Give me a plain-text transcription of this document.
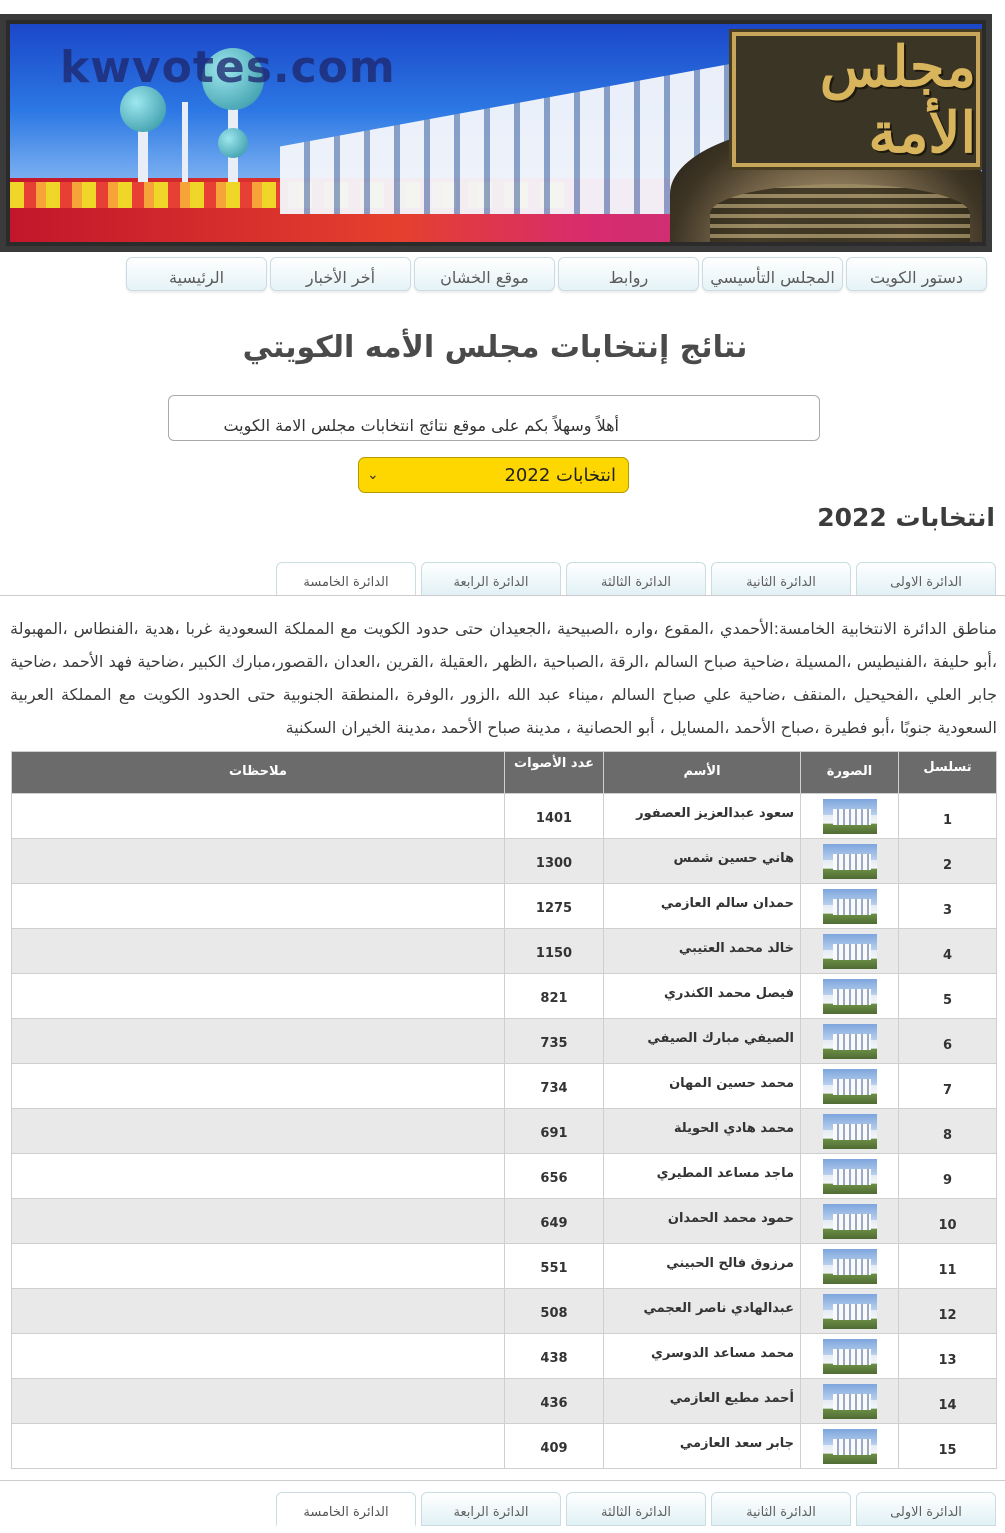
kwvotes.com	مجلس الأمة
دستور الكويت
المجلس التأسيسي
روابط
موقع الخشان
أخر الأخبار
الرئيسية
نتائج إنتخابات مجلس الأمه الكويتي
أهلاً وسهلاً بكم على موقع نتائج انتخابات مجلس الامة الكويت
انتخابات 2022
⌄
انتخابات 2022
الدائرة الاولى
الدائرة الثانية
الدائرة الثالثة
الدائرة الرابعة
الدائرة الخامسة

مناطق الدائرة الانتخابية الخامسة:الأحمدي ،المقوع ،واره ،الصبيحية ،الجعيدان حتى حدود الكويت مع المملكة السعودية غربا ،هدية ،الفنطاس ،المهبولة ،أبو حليفة ،الفنيطيس ،المسيلة ،ضاحية صباح السالم ،الرقة ،الصباحية ،الظهر ،العقيلة ،القرين ،العدان ،القصور،مبارك الكبير ،ضاحية فهد الأحمد ،ضاحية جابر العلي ،الفحيحيل ،المنقف ،ضاحية علي صباح السالم ،ميناء عبد الله ،الزور ،الوفرة ،المنطقة الجنوبية حتى الحدود الكويت مع المملكة العربية السعودية جنوبًا ،أبو فطيرة ،صباح الأحمد ،المسايل ، أبو الحصانية ، مدينة صباح الأحمد ،مدينة الخيران السكنية

تسلسل	الصورة	الأسم	عدد الأصوات	ملاحظات
1		سعود عبدالعزيز العصفور	1401	
2		هاني حسين شمس	1300	
3		حمدان سالم العازمي	1275	
4		خالد محمد العتيبي	1150	
5		فيصل محمد الكندري	821	
6		الصيفي مبارك الصيفي	735	
7		محمد حسين المهان	734	
8		محمد هادي الحويلة	691	
9		ماجد مساعد المطيري	656	
10		حمود محمد الحمدان	649	
11		مرزوق فالح الحبيني	551	
12		عبدالهادي ناصر العجمي	508	
13		محمد مساعد الدوسري	438	
14		أحمد مطيع العازمي	436	
15		جابر سعد العازمي	409	
الدائرة الاولى
الدائرة الثانية
الدائرة الثالثة
الدائرة الرابعة
الدائرة الخامسة
